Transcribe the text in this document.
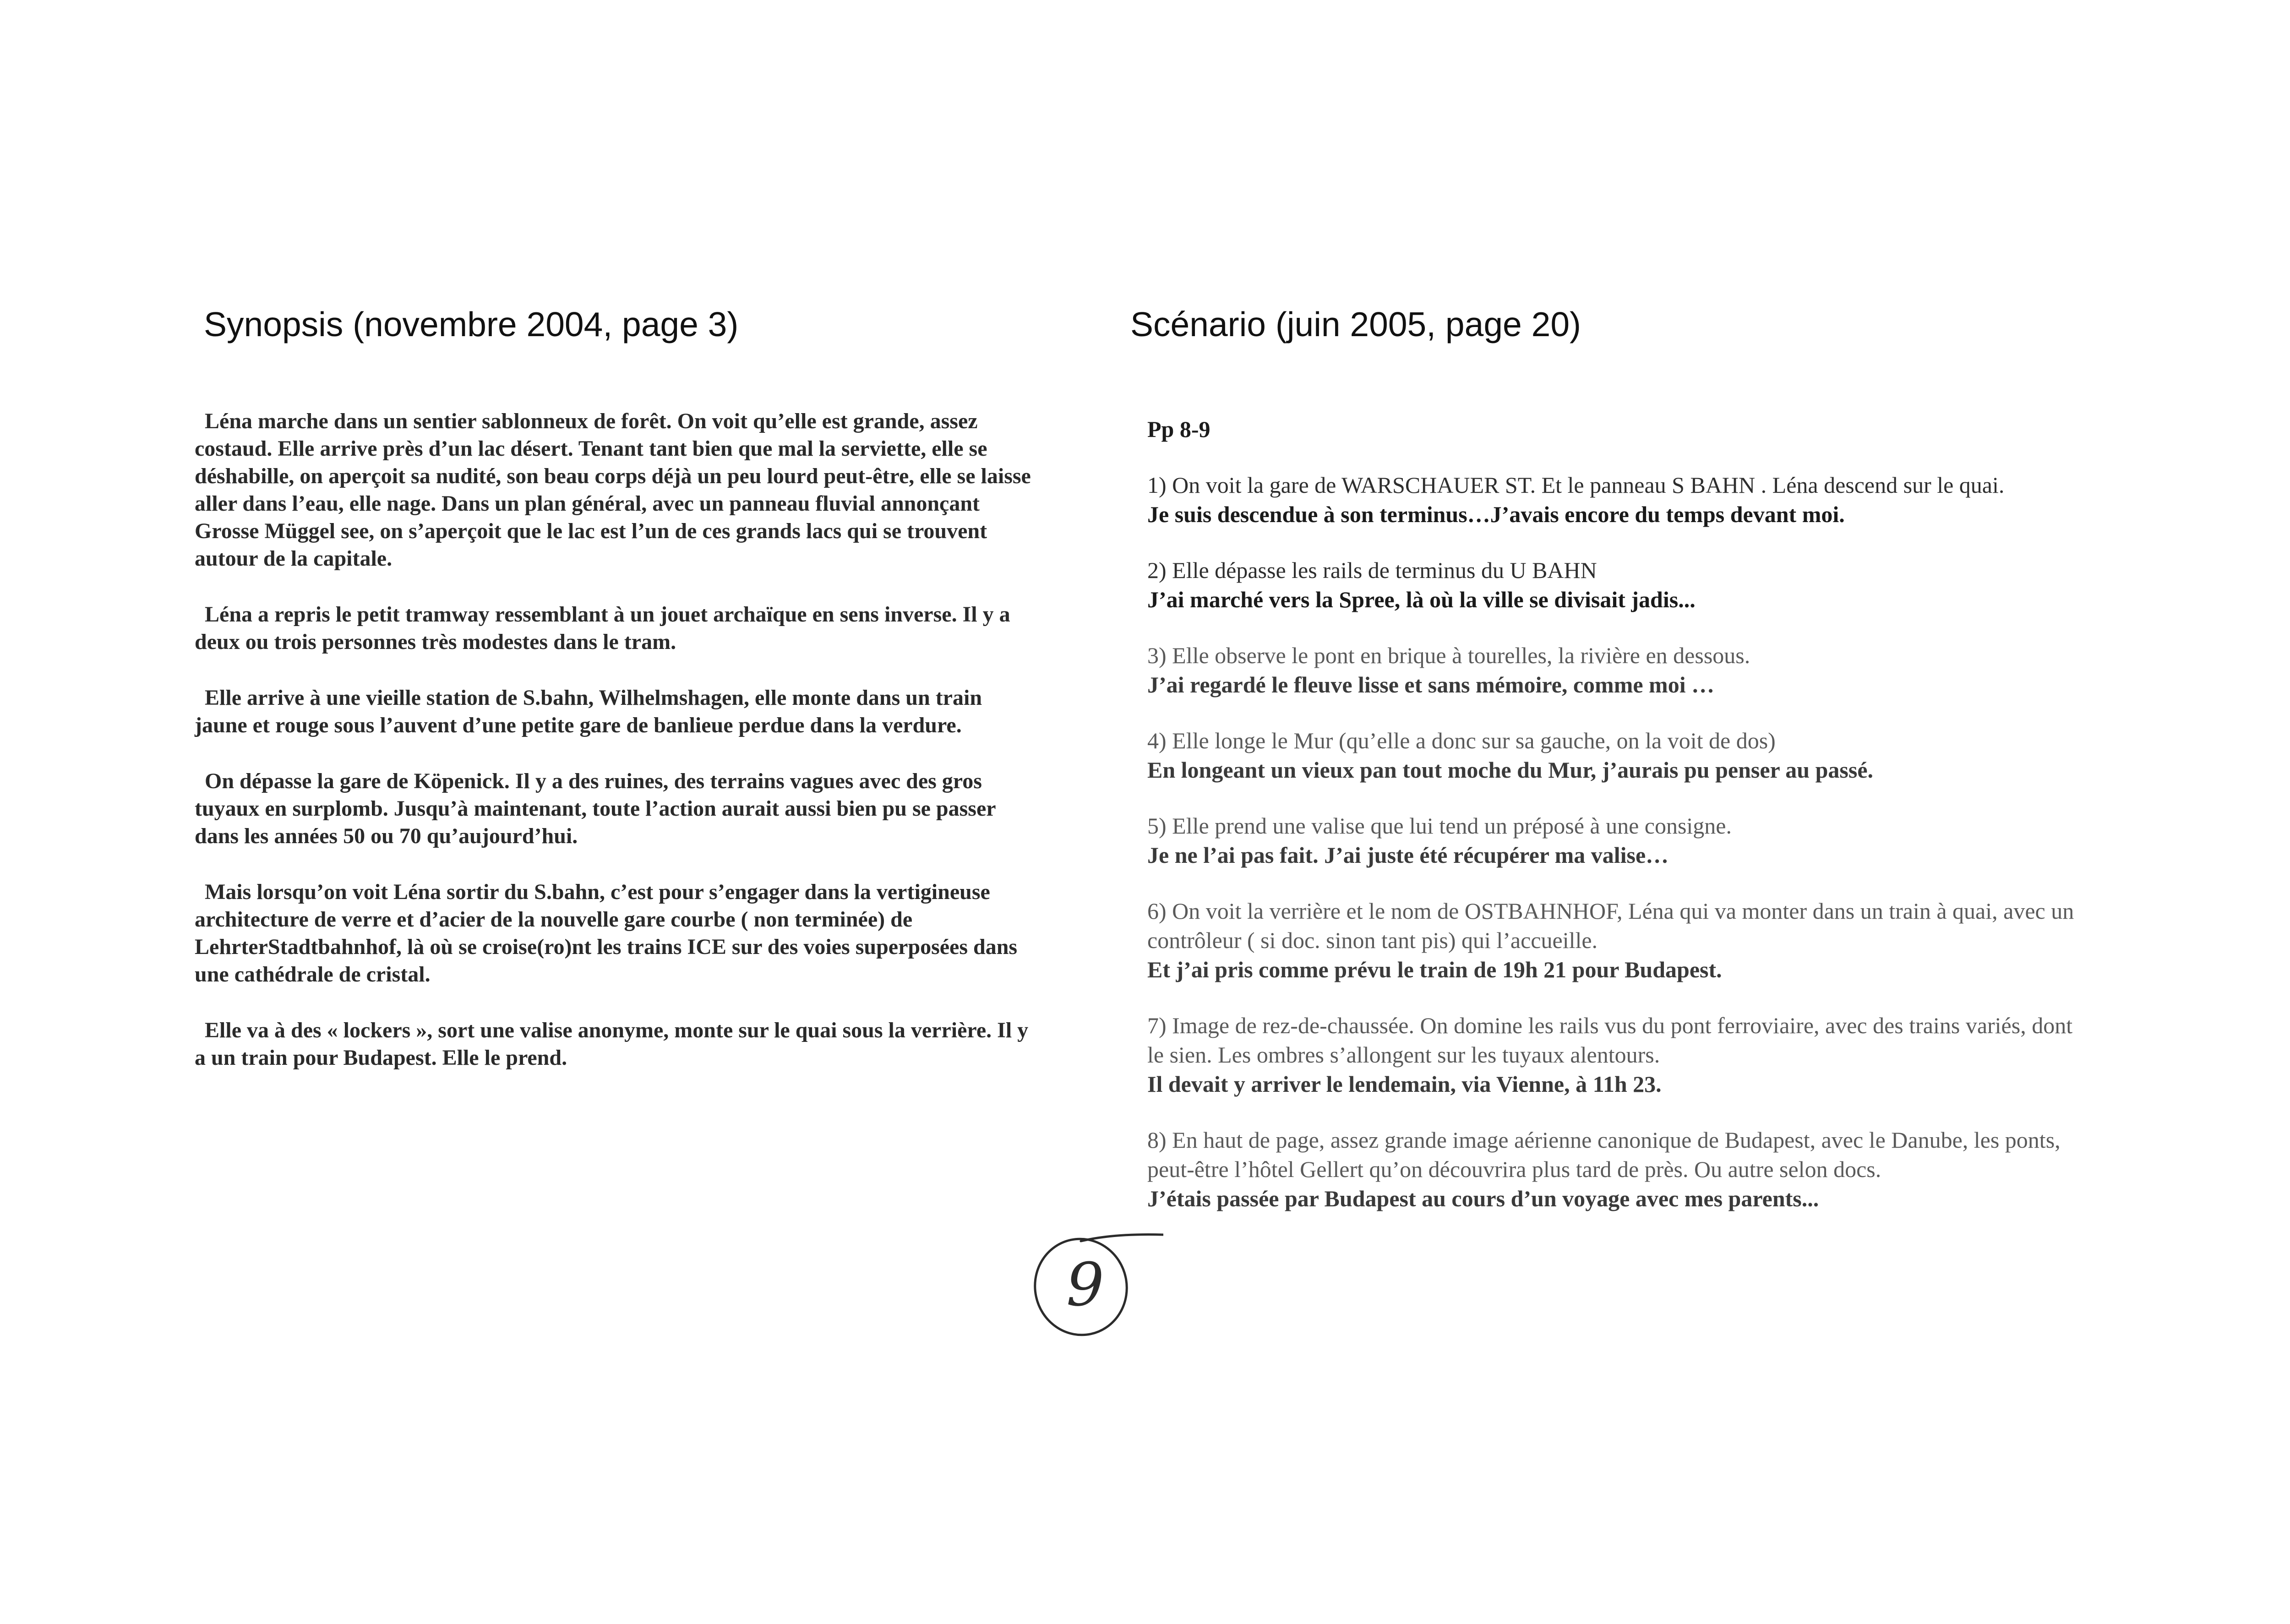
Synopsis (novembre 2004, page 3)	Scénario (juin 2005, page 20)

Léna marche dans un sentier sablonneux de forêt. On voit qu’elle est grande, assez costaud. Elle arrive près d’un lac désert. Tenant tant bien que mal la serviette, elle se déshabille, on aperçoit sa nudité, son beau corps déjà un peu lourd peut-être, elle se laisse aller dans l’eau, elle nage. Dans un plan général, avec un panneau fluvial annonçant Grosse Müggel see, on s’aperçoit que le lac est l’un de ces grands lacs qui se trouvent autour de la capitale.

Léna a repris le petit tramway ressemblant à un jouet archaïque en sens inverse. Il y a deux ou trois personnes très modestes dans le tram.

Elle arrive à une vieille station de S.bahn, Wilhelmshagen, elle monte dans un train jaune et rouge sous l’auvent d’une petite gare de banlieue perdue dans la verdure.

On dépasse la gare de Köpenick. Il y a des ruines, des terrains vagues avec des gros tuyaux en surplomb. Jusqu’à maintenant, toute l’action aurait aussi bien pu se passer dans les années 50 ou 70 qu’aujourd’hui.

Mais lorsqu’on voit Léna sortir du S.bahn, c’est pour s’engager dans la vertigineuse architecture de verre et d’acier de la nouvelle gare courbe ( non terminée) de LehrterStadtbahnhof, là où se croise(ro)nt les trains ICE sur des voies superposées dans une cathédrale de cristal.

Elle va à des « lockers », sort une valise anonyme, monte sur le quai sous la verrière. Il y a un train pour Budapest. Elle le prend.

Pp 8-9
1) On voit la gare de WARSCHAUER ST. Et le panneau S BAHN . Léna descend sur le quai.
Je suis descendue à son terminus…J’avais encore du temps devant moi.
2) Elle dépasse les rails de terminus du U BAHN
J’ai marché vers la Spree, là où la ville se divisait jadis...
3) Elle observe le pont en brique à tourelles, la rivière en dessous.
J’ai regardé le fleuve lisse et sans mémoire, comme moi …
4) Elle longe le Mur (qu’elle a donc sur sa gauche, on la voit de dos)
En longeant un vieux pan tout moche du Mur, j’aurais pu penser au passé.
5) Elle prend une valise que lui tend un préposé à une consigne.
Je ne l’ai pas fait. J’ai juste été récupérer ma valise…
6) On voit la verrière et le nom de OSTBAHNHOF, Léna qui va monter dans un train à quai, avec un contrôleur ( si doc. sinon tant pis) qui l’accueille.
Et j’ai pris comme prévu le train de 19h 21 pour Budapest.
7) Image de rez-de-chaussée. On domine les rails vus du pont ferroviaire, avec des trains variés, dont le sien. Les ombres s’allongent sur les tuyaux alentours.
Il devait y arriver le lendemain, via Vienne, à 11h 23.
8) En haut de page, assez grande image aérienne canonique de Budapest, avec le Danube, les ponts, peut-être l’hôtel Gellert qu’on découvrira plus tard de près. Ou autre selon docs.
J’étais passée par Budapest au cours d’un voyage avec mes parents...
9
